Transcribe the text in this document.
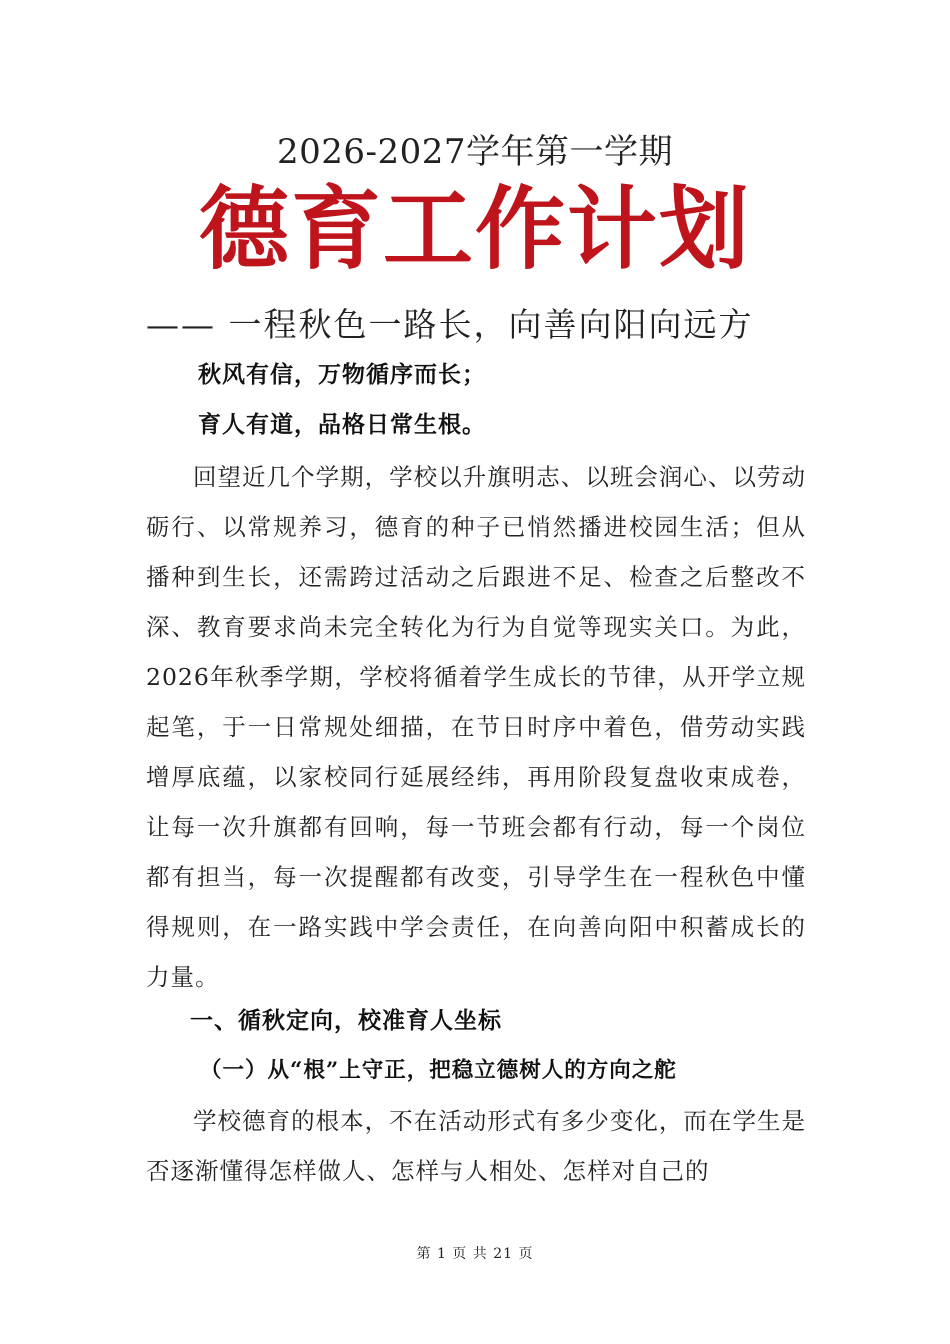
2026-2027学年第一学期
德育工作计划
—— 一程秋色一路长，向善向阳向远方
秋风有信，万物循序而长；
育人有道，品格日常生根。

回望近几个学期，学校以升旗明志、以班会润心、以劳动砺行、以常规养习，德育的种子已悄然播进校园生活；但从播种到生长，还需跨过活动之后跟进不足、检查之后整改不深、教育要求尚未完全转化为行为自觉等现实关口。为此，2026年秋季学期，学校将循着学生成长的节律，从开学立规起笔，于一日常规处细描，在节日时序中着色，借劳动实践增厚底蕴，以家校同行延展经纬，再用阶段复盘收束成卷，让每一次升旗都有回响，每一节班会都有行动，每一个岗位都有担当，每一次提醒都有改变，引导学生在一程秋色中懂得规则，在一路实践中学会责任，在向善向阳中积蓄成长的力量。

一、循秋定向，校准育人坐标
（一）从“根”上守正，把稳立德树人的方向之舵

学校德育的根本，不在活动形式有多少变化，而在学生是否逐渐懂得怎样做人、怎样与人相处、怎样对自己的

第 1 页 共 21 页
